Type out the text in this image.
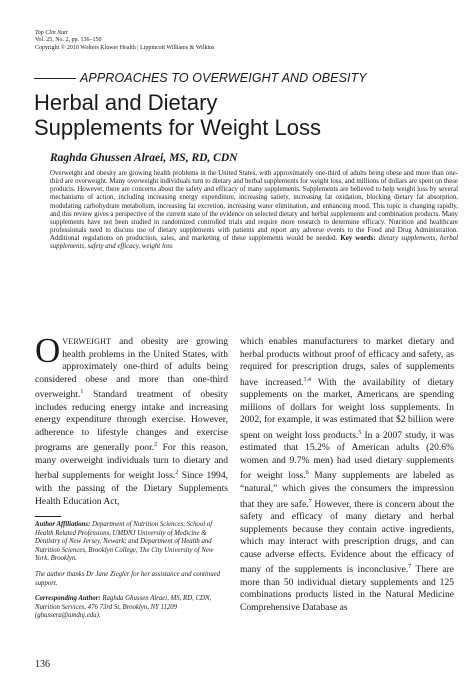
Top Clin Nutr
Vol. 25, No. 2, pp. 136–150
Copyright © 2010 Wolters Kluwer Health | Lippincott Williams & Wilkins
APPROACHES TO OVERWEIGHT AND OBESITY
Herbal and Dietary
Supplements for Weight Loss
Raghda Ghussen Alraei, MS, RD, CDN
Overweight and obesity are growing health problems in the United States, with approximately one-third of adults being obese and more than one-third are overweight. Many overweight individuals turn to dietary and herbal supplements for weight loss, and millions of dollars are spent on these products. However, there are concerns about the safety and efficacy of many supplements. Supplements are believed to help weight loss by several mechanisms of action, including increasing energy expenditure, increasing satiety, increasing fat oxidation, blocking dietary fat absorption, modulating carbohydrate metabolism, increasing fat excretion, increasing water elimination, and enhancing mood. This topic is changing rapidly, and this review gives a perspective of the current state of the evidence on selected dietary and herbal supplements and combination products. Many supplements have not been studied in randomized controlled trials and require more research to determine efficacy. Nutrition and healthcare professionals need to discuss use of dietary supplements with patients and report any adverse events to the Food and Drug Administration. Additional regulations on production, sales, and marketing of these supplements would be needed. Key words: dietary supplements, herbal supplements, safety and efficacy, weight loss
OVERWEIGHT and obesity are growing health problems in the United States, with approximately one-third of adults being considered obese and more than one-third overweight.$^1$ Standard treatment of obesity includes reducing energy intake and increasing energy expenditure through exercise. However, adherence to lifestyle changes and exercise programs are generally poor.$^2$ For this reason, many overweight individuals turn to dietary and herbal supplements for weight loss.$^2$ Since 1994, with the passing of the Dietary Supplements Health Education Act,
which enables manufacturers to market dietary and herbal products without proof of efficacy and safety, as required for prescription drugs, sales of supplements have increased.$^{3,4}$ With the availability of dietary supplements on the market, Americans are spending millions of dollars for weight loss supplements. In 2002, for example, it was estimated that $2 billion were spent on weight loss products.$^5$ In a 2007 study, it was estimated that 15.2% of American adults (20.6% women and 9.7% men) had used dietary supplements for weight loss.$^6$ Many supplements are labeled as “natural,” which gives the consumers the impression that they are safe.$^7$ However, there is concern about the safety and efficacy of many dietary and herbal supplements because they contain active ingredients, which may interact with prescription drugs, and can cause adverse effects. Evidence about the efficacy of many of the supplements is inconclusive.$^7$ There are more than 50 individual dietary supplements and 125 combinations products listed in the Natural Medicine Comprehensive Database as

Author Affiliations: Department of Nutrition Sciences, School of Health Related Professions, UMDNJ University of Medicine & Dentistry of New Jersey, Newark; and Department of Health and Nutrition Sciences, Brooklyn College, The City University of New York, Brooklyn.

The author thanks Dr Jane Ziegler for her assistance and continued support.

Corresponding Author: Raghda Ghussen Alraei, MS, RD, CDN, Nutrition Services, 476 73rd St, Brooklyn, NY 11209 (ghussera@umdnj.edu).

136
